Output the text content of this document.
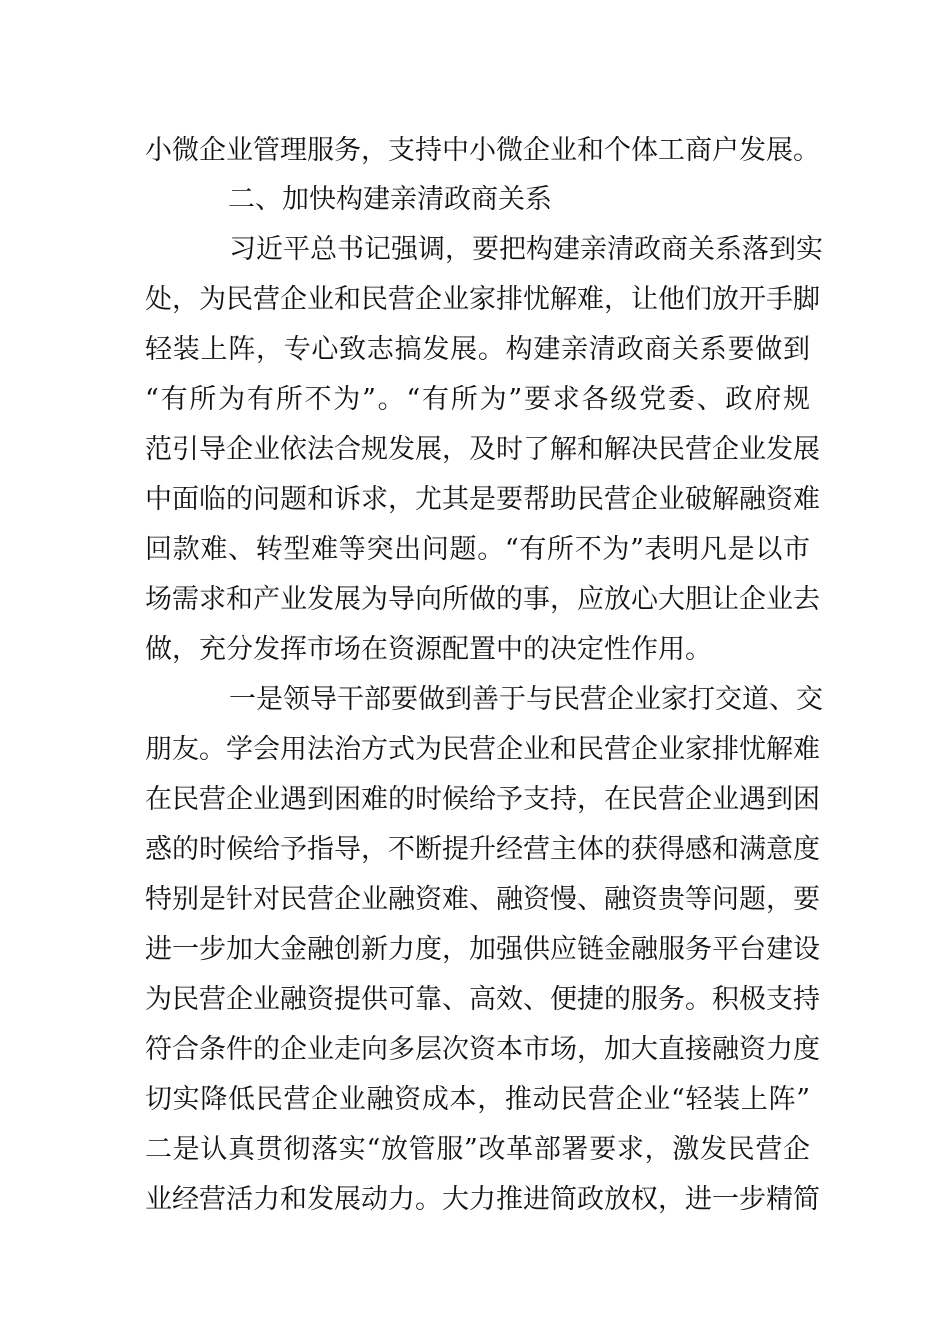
小微企业管理服务，支持中小微企业和个体工商户发展。
二、加快构建亲清政商关系
习近平总书记强调，要把构建亲清政商关系落到实
处，为民营企业和民营企业家排忧解难，让他们放开手脚
轻装上阵，专心致志搞发展。构建亲清政商关系要做到
“有所为有所不为”。“有所为”要求各级党委、政府规
范引导企业依法合规发展，及时了解和解决民营企业发展
中面临的问题和诉求，尤其是要帮助民营企业破解融资难
回款难、转型难等突出问题。“有所不为”表明凡是以市
场需求和产业发展为导向所做的事，应放心大胆让企业去
做，充分发挥市场在资源配置中的决定性作用。
一是领导干部要做到善于与民营企业家打交道、交
朋友。学会用法治方式为民营企业和民营企业家排忧解难
在民营企业遇到困难的时候给予支持，在民营企业遇到困
惑的时候给予指导，不断提升经营主体的获得感和满意度
特别是针对民营企业融资难、融资慢、融资贵等问题，要
进一步加大金融创新力度，加强供应链金融服务平台建设
为民营企业融资提供可靠、高效、便捷的服务。积极支持
符合条件的企业走向多层次资本市场，加大直接融资力度
切实降低民营企业融资成本，推动民营企业“轻装上阵”
二是认真贯彻落实“放管服”改革部署要求，激发民营企
业经营活力和发展动力。大力推进简政放权，进一步精简
